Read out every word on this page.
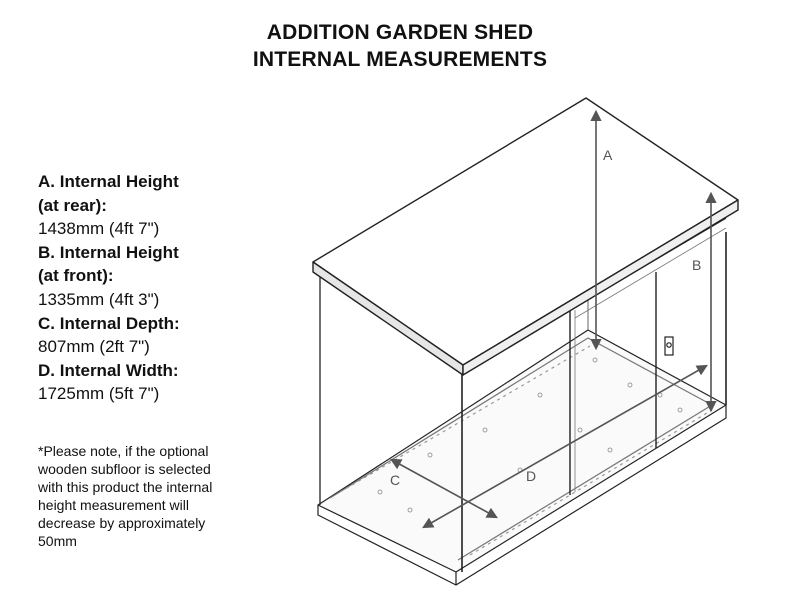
ADDITION GARDEN SHED
INTERNAL MEASUREMENTS
A. Internal Height
(at rear):
1438mm (4ft 7")
B. Internal Height
(at front):
1335mm (4ft 3")
C. Internal Depth:
807mm (2ft 7")
D. Internal Width:
1725mm (5ft 7")
*Please note, if the optional
wooden subfloor is selected
with this product the internal
height measurement will
decrease by approximately
50mm
A
B
C	D
